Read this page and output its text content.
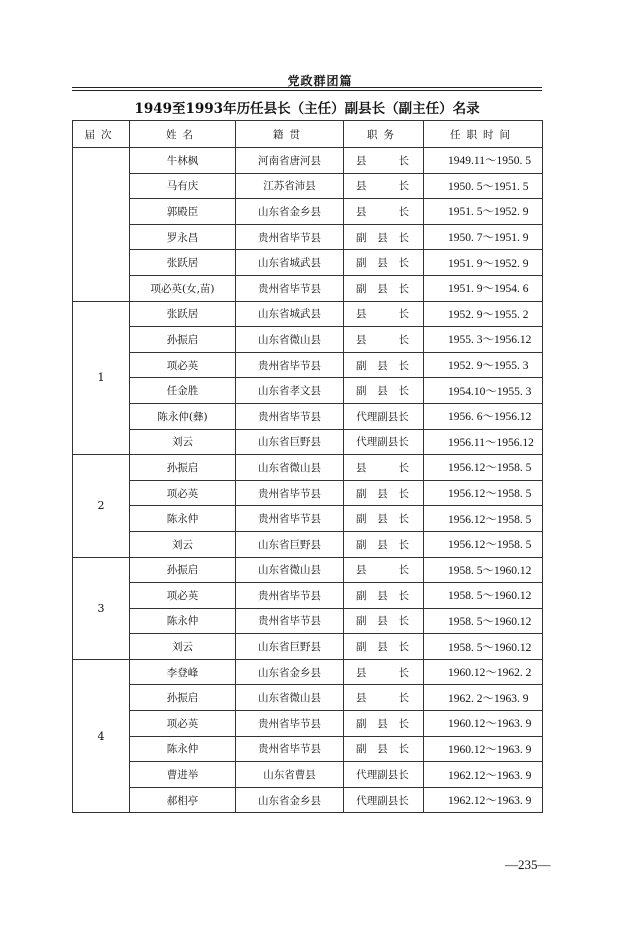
党政群团篇
1949至1993年历任县长（主任）副县长（副主任）名录
届次	姓名	籍贯	职务	任职时间
	牛林枫	河南省唐河县	县 长	1949.11～1950. 5
	马有庆	江苏省沛县	县 长	1950. 5～1951. 5
	郭殿臣	山东省金乡县	县 长	1951. 5～1952. 9
	罗永昌	贵州省毕节县	副 县 长	1950. 7～1951. 9
	张跃居	山东省城武县	副 县 长	1951. 9～1952. 9
	项必英(女,苗)	贵州省毕节县	副 县 长	1951. 9～1954. 6
1	张跃居	山东省城武县	县 长	1952. 9～1955. 2
	孙振启	山东省微山县	县 长	1955. 3～1956.12
	项必英	贵州省毕节县	副 县 长	1952. 9～1955. 3
	任金胜	山东省孝文县	副 县 长	1954.10～1955. 3
	陈永仲(彝)	贵州省毕节县	代理副县长	1956. 6～1956.12
	刘云	山东省巨野县	代理副县长	1956.11～1956.12
2	孙振启	山东省微山县	县 长	1956.12～1958. 5
	项必英	贵州省毕节县	副 县 长	1956.12～1958. 5
	陈永仲	贵州省毕节县	副 县 长	1956.12～1958. 5
	刘云	山东省巨野县	副 县 长	1956.12～1958. 5
3	孙振启	山东省微山县	县 长	1958. 5～1960.12
	项必英	贵州省毕节县	副 县 长	1958. 5～1960.12
	陈永仲	贵州省毕节县	副 县 长	1958. 5～1960.12
	刘云	山东省巨野县	副 县 长	1958. 5～1960.12
4	李登峰	山东省金乡县	县 长	1960.12～1962. 2
	孙振启	山东省微山县	县 长	1962. 2～1963. 9
	项必英	贵州省毕节县	副 县 长	1960.12～1963. 9
	陈永仲	贵州省毕节县	副 县 长	1960.12～1963. 9
	曹进举	山东省曹县	代理副县长	1962.12～1963. 9
	郝相亭	山东省金乡县	代理副县长	1962.12～1963. 9
—235—
